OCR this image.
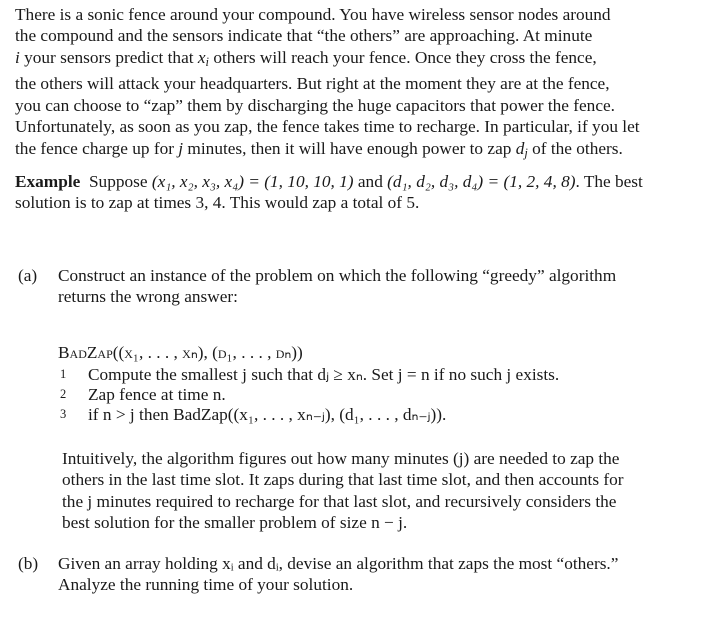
There is a sonic fence around your compound. You have wireless sensor nodes around
the compound and the sensors indicate that “the others” are approaching. At minute
i your sensors predict that $x_i$ others will reach your fence. Once they cross the fence,
the others will attack your headquarters. But right at the moment they are at the fence,
you can choose to “zap” them by discharging the huge capacitors that power the fence.
Unfortunately, as soon as you zap, the fence takes time to recharge. In particular, if you let
the fence charge up for j minutes, then it will have enough power to zap $d_j$ of the others.
Example Suppose (x₁, x₂, x₃, x₄) = (1, 10, 10, 1) and (d₁, d₂, d₃, d₄) = (1, 2, 4, 8). The best
solution is to zap at times 3, 4. This would zap a total of 5.
(a) Construct an instance of the problem on which the following “greedy” algorithm
returns the wrong answer:
BadZap((x₁, . . . , xₙ), (d₁, . . . , dₙ))
1 Compute the smallest j such that dⱼ ≥ xₙ. Set j = n if no such j exists.
2 Zap fence at time n.
3 if n > j then BadZap((x₁, . . . , xₙ₋ⱼ), (d₁, . . . , dₙ₋ⱼ)).
Intuitively, the algorithm figures out how many minutes (j) are needed to zap the
others in the last time slot. It zaps during that last time slot, and then accounts for
the j minutes required to recharge for that last slot, and recursively considers the
best solution for the smaller problem of size n − j.
(b) Given an array holding xᵢ and dᵢ, devise an algorithm that zaps the most “others.”
Analyze the running time of your solution.
